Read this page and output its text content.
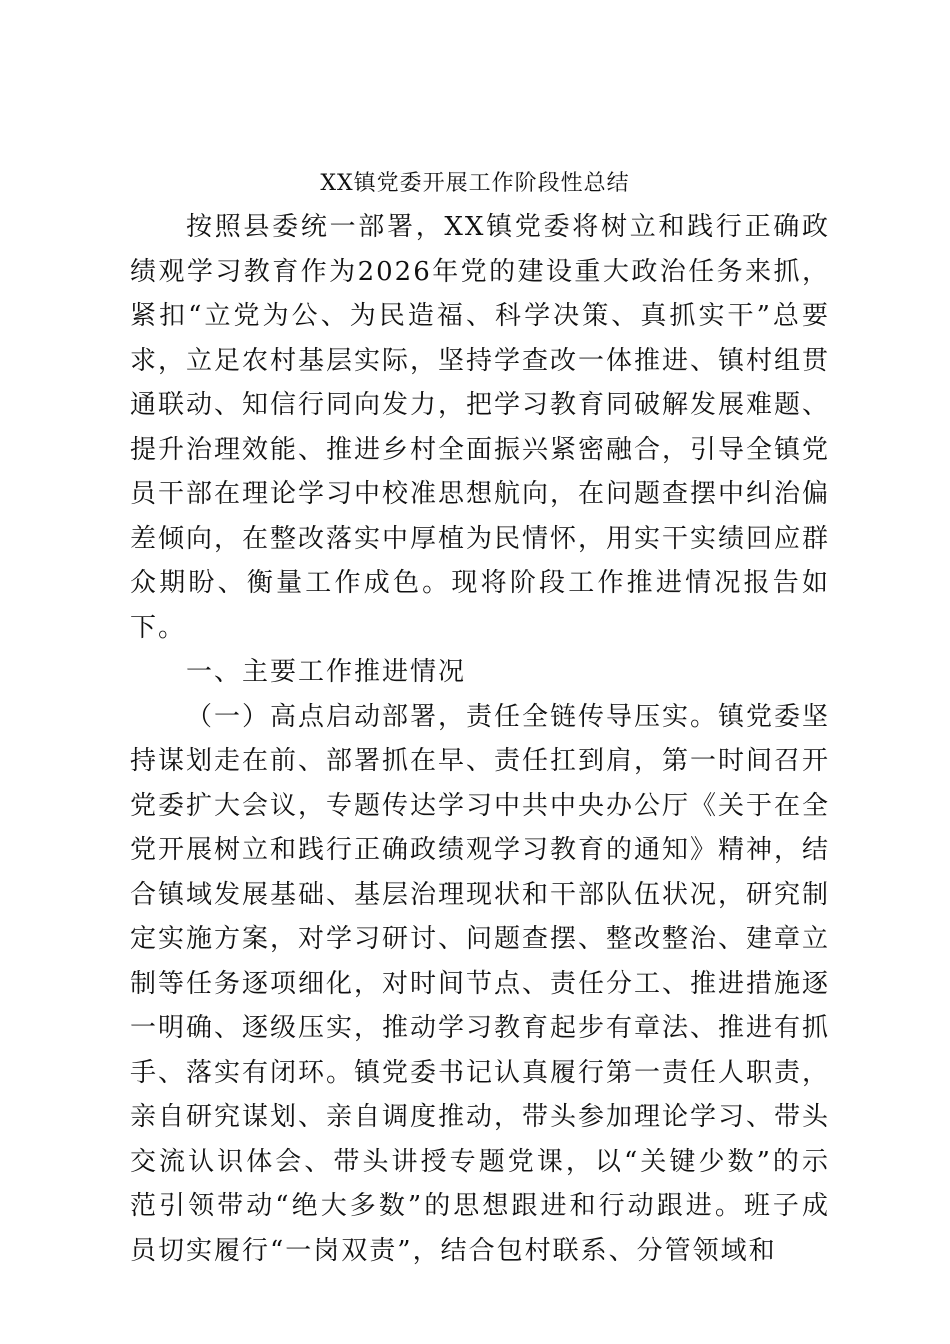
XX镇党委开展工作阶段性总结

按照县委统一部署，XX镇党委将树立和践行正确政绩观学习教育作为2026年党的建设重大政治任务来抓，紧扣“立党为公、为民造福、科学决策、真抓实干”总要求，立足农村基层实际，坚持学查改一体推进、镇村组贯通联动、知信行同向发力，把学习教育同破解发展难题、提升治理效能、推进乡村全面振兴紧密融合，引导全镇党员干部在理论学习中校准思想航向，在问题查摆中纠治偏差倾向，在整改落实中厚植为民情怀，用实干实绩回应群众期盼、衡量工作成色。现将阶段工作推进情况报告如下。

一、主要工作推进情况

（一）高点启动部署，责任全链传导压实。镇党委坚持谋划走在前、部署抓在早、责任扛到肩，第一时间召开党委扩大会议，专题传达学习中共中央办公厅《关于在全党开展树立和践行正确政绩观学习教育的通知》精神，结合镇域发展基础、基层治理现状和干部队伍状况，研究制定实施方案，对学习研讨、问题查摆、整改整治、建章立制等任务逐项细化，对时间节点、责任分工、推进措施逐一明确、逐级压实，推动学习教育起步有章法、推进有抓手、落实有闭环。镇党委书记认真履行第一责任人职责，亲自研究谋划、亲自调度推动，带头参加理论学习、带头交流认识体会、带头讲授专题党课，以“关键少数”的示范引领带动“绝大多数”的思想跟进和行动跟进。班子成员切实履行“一岗双责”，结合包村联系、分管领域和
